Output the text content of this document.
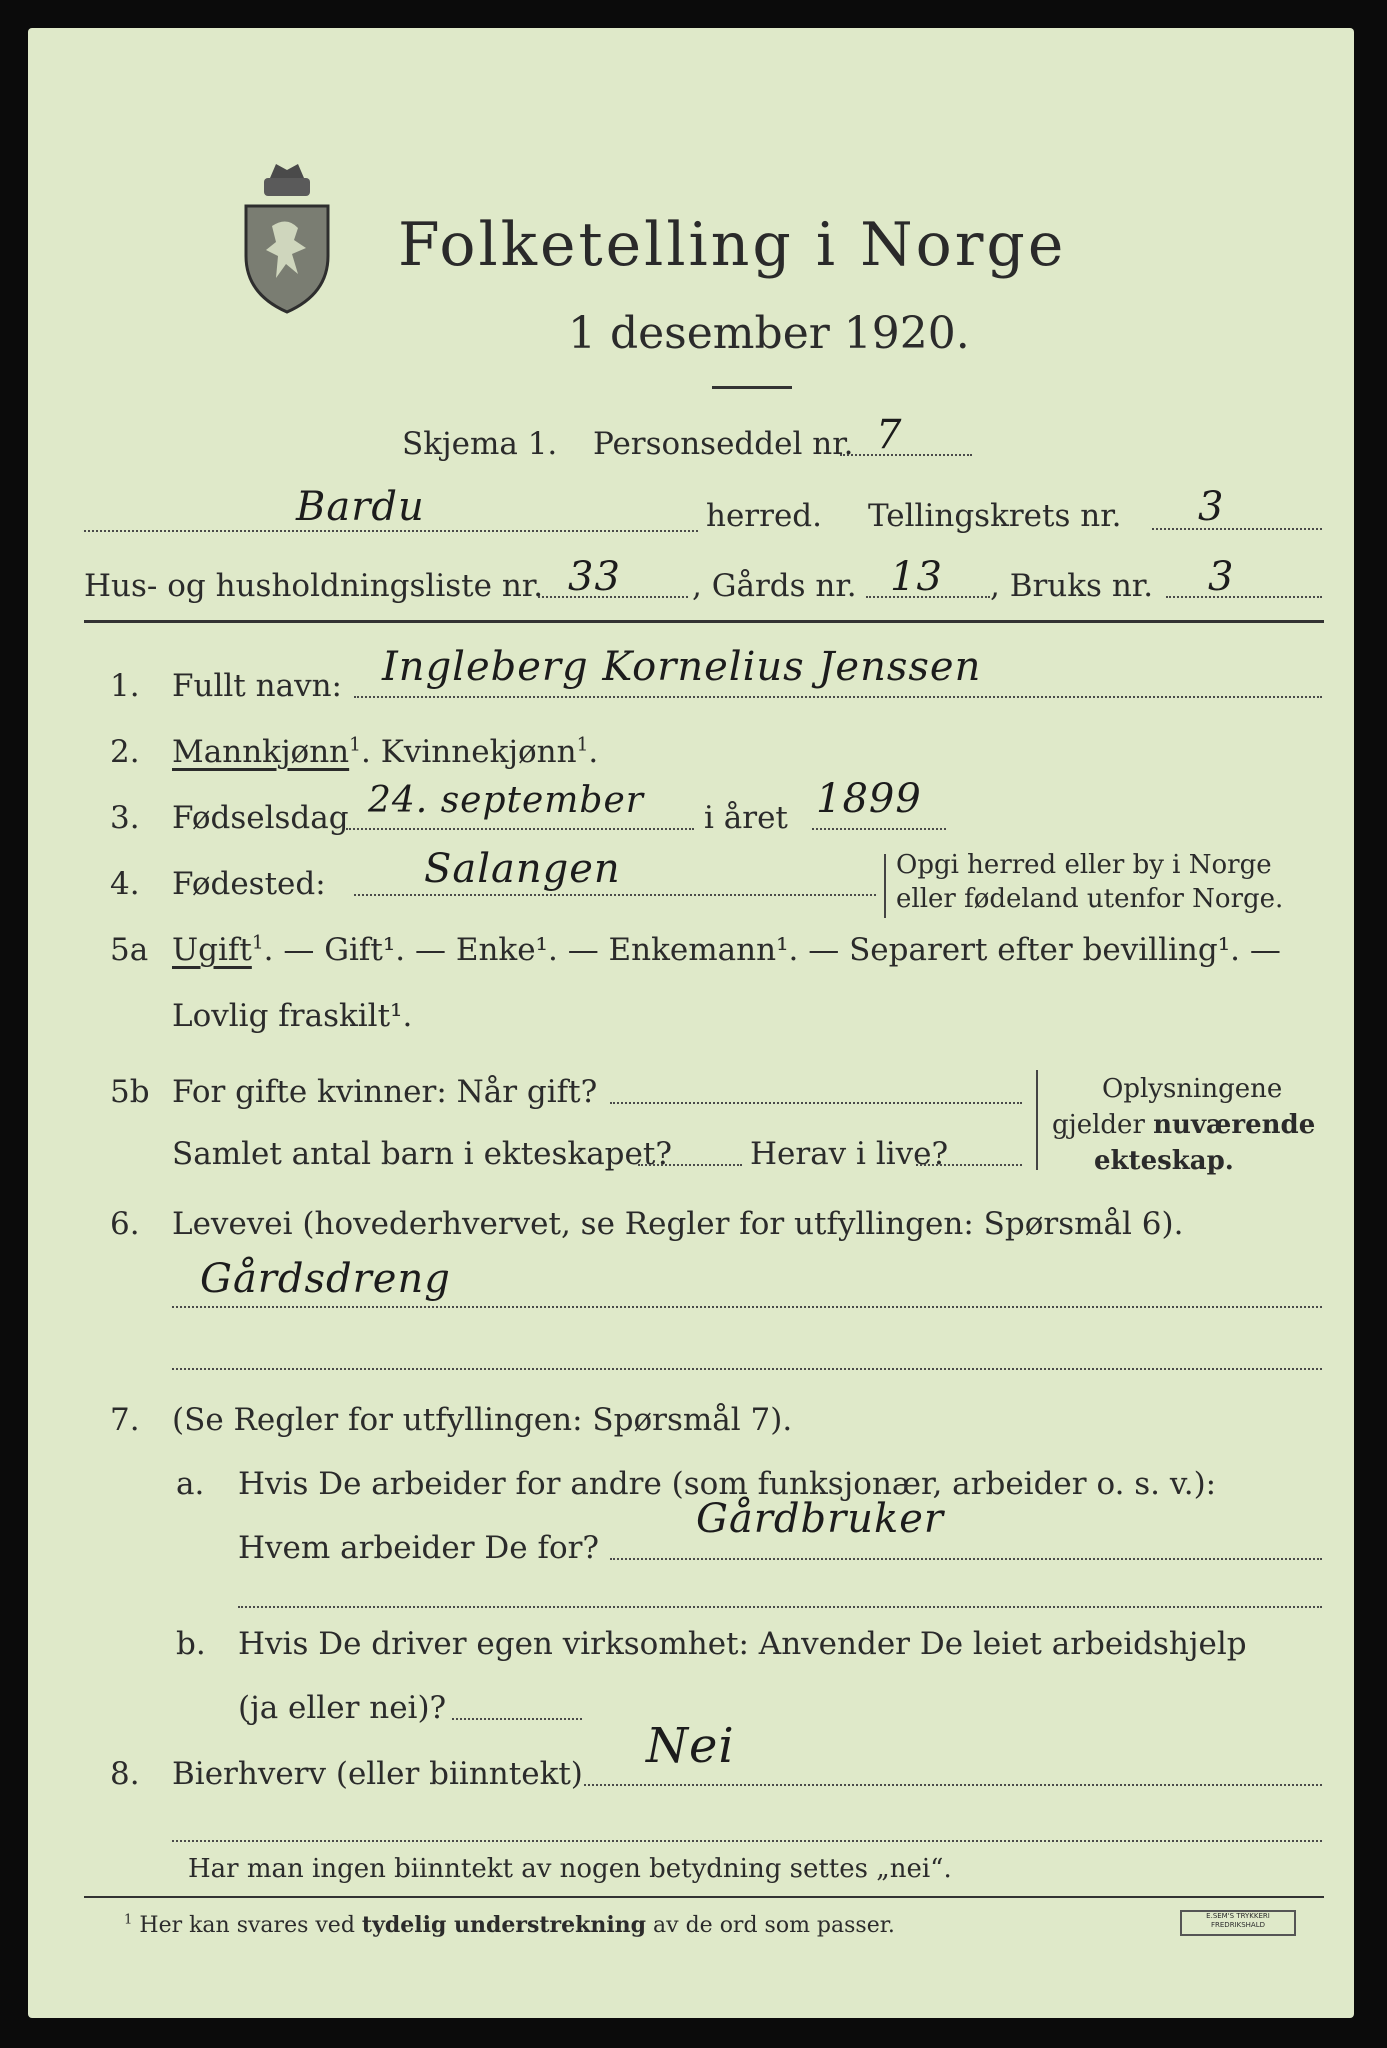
Folketelling i Norge
1 desember 1920.
Skjema 1. Personseddel nr. 7
Bardu	herred. Tellingskrets nr. 3
Hus- og husholdningsliste nr. 33 , Gårds nr. 13 , Bruks nr. 3
1. Fullt navn: Ingleberg Kornelius Jenssen
2. Mannkjønn$^1$. Kvinnekjønn$^1$.
3. Fødselsdag 24. september i året 1899
4. Fødested: Salangen	Opgi herred eller by i Norge
eller fødeland utenfor Norge.
5a Ugift$^1$. — Gift¹. — Enke¹. — Enkemann¹. — Separert efter bevilling¹. —
Lovlig fraskilt¹.
5b For gifte kvinner: Når gift?
Samlet antal barn i ekteskapet?	Herav i live?
Oplysningene
gjelder nuværende
ekteskap.
6. Levevei (hovederhvervet, se Regler for utfyllingen: Spørsmål 6).
Gårdsdreng
7. (Se Regler for utfyllingen: Spørsmål 7).
a. Hvis De arbeider for andre (som funksjonær, arbeider o. s. v.):
Hvem arbeider De for?
Gårdbruker
b. Hvis De driver egen virksomhet: Anvender De leiet arbeidshjelp
(ja eller nei)?
8. Bierhverv (eller biinntekt) Nei
Har man ingen biinntekt av nogen betydning settes „nei“.
$^1$ Her kan svares ved tydelig understrekning av de ord som passer.	E.SEM'S TRYKKERI FREDRIKSHALD
